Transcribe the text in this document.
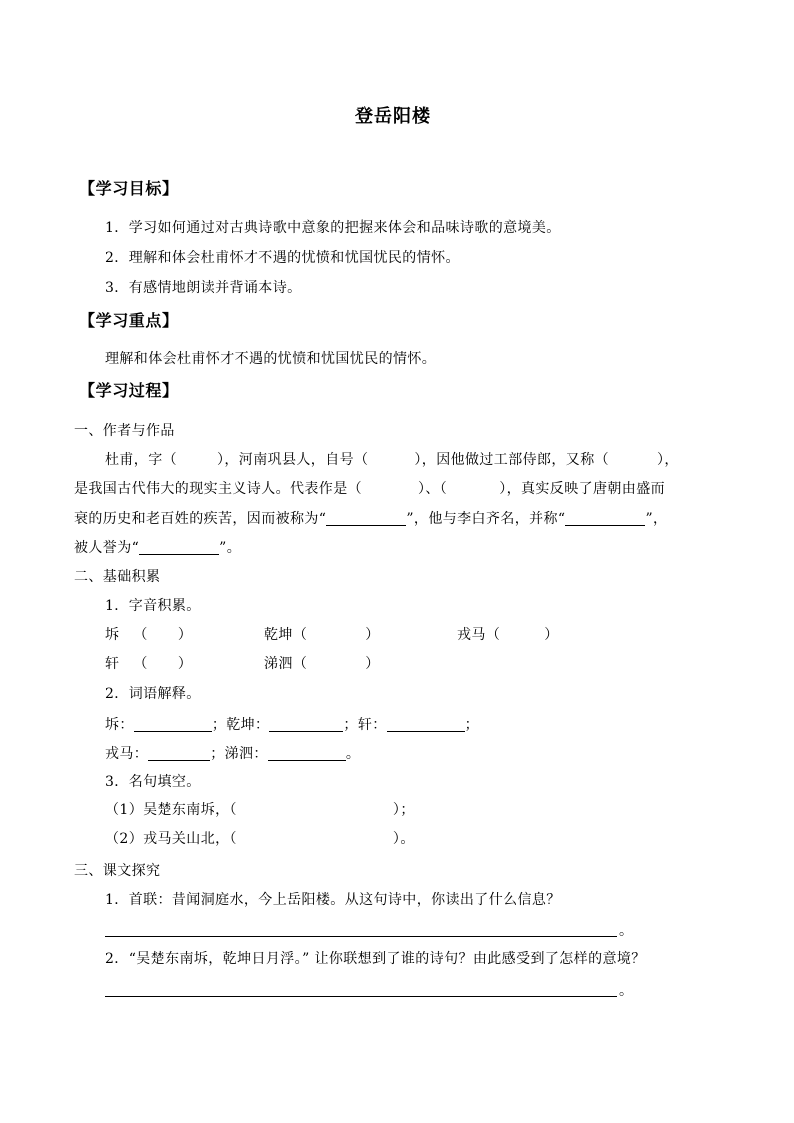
登岳阳楼
【学习目标】
1．学习如何通过对古典诗歌中意象的把握来体会和品味诗歌的意境美。
2．理解和体会杜甫怀才不遇的忧愤和忧国忧民的情怀。
3．有感情地朗读并背诵本诗。
【学习重点】
理解和体会杜甫怀才不遇的忧愤和忧国忧民的情怀。
【学习过程】
一、作者与作品
杜甫，字（	），河南巩县人，自号（	），因他做过工部侍郎，又称（	），
是我国古代伟大的现实主义诗人。代表作是（	）、（	），真实反映了唐朝由盛而
衰的历史和老百姓的疾苦，因而被称为“	”，他与李白齐名，并称“	”，
被人誉为“	”。
二、基础积累
1．字音积累。
坼 （ ）	乾坤（	）	戎马（	）
轩 （ ）	涕泗（	）
2．词语解释。
坼：	；乾坤：	；轩：	；
戎马：	；涕泗：	。
3．名句填空。
（1）吴楚东南坼，（	）；
（2）戎马关山北，（	）。
三、课文探究
1．首联：昔闻洞庭水，今上岳阳楼。从这句诗中，你读出了什么信息？
。
2．“吴楚东南坼，乾坤日月浮。” 让你联想到了谁的诗句？由此感受到了怎样的意境？
。
